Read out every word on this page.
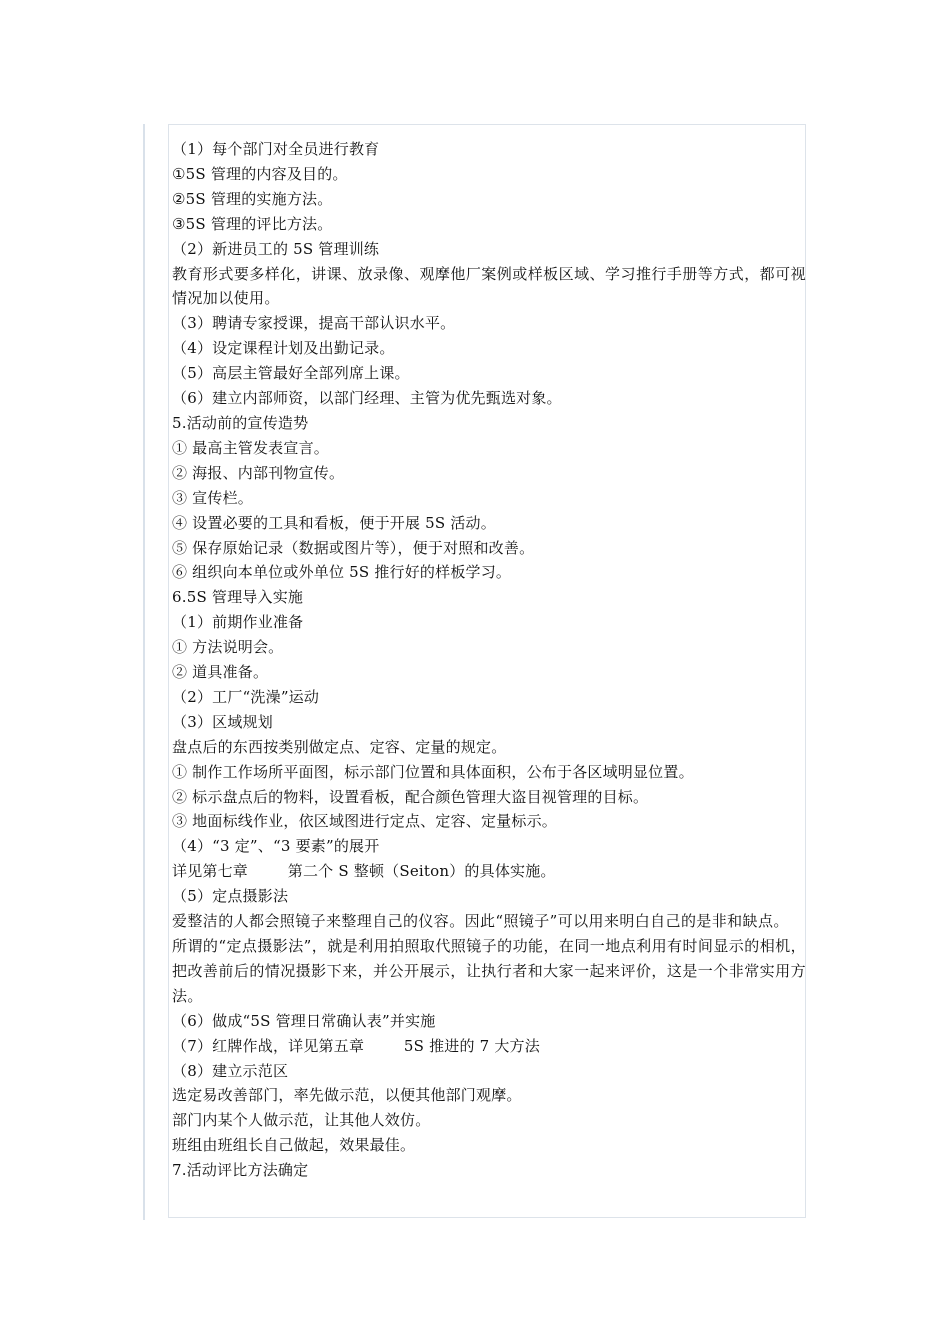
（1）每个部门对全员进行教育
①5S 管理的内容及目的。
②5S 管理的实施方法。
③5S 管理的评比方法。
（2）新进员工的 5S 管理训练
教育形式要多样化，讲课、放录像、观摩他厂案例或样板区域、学习推行手册等方式，都可视情况加以使用。
（3）聘请专家授课，提高干部认识水平。
（4）设定课程计划及出勤记录。
（5）高层主管最好全部列席上课。
（6）建立内部师资，以部门经理、主管为优先甄选对象。
5.活动前的宣传造势
① 最高主管发表宣言。
② 海报、内部刊物宣传。
③ 宣传栏。
④ 设置必要的工具和看板，便于开展 5S 活动。
⑤ 保存原始记录（数据或图片等），便于对照和改善。
⑥ 组织向本单位或外单位 5S 推行好的样板学习。
6.5S 管理导入实施
（1）前期作业准备
① 方法说明会。
② 道具准备。
（2）工厂“洗澡”运动
（3）区域规划
盘点后的东西按类别做定点、定容、定量的规定。
① 制作工作场所平面图，标示部门位置和具体面积，公布于各区域明显位置。
② 标示盘点后的物料，设置看板，配合颜色管理大盗目视管理的目标。
③ 地面标线作业，依区域图进行定点、定容、定量标示。
（4）“3 定”、“3 要素”的展开
详见第七章        第二个 S 整顿（Seiton）的具体实施。
（5）定点摄影法
爱整洁的人都会照镜子来整理自己的仪容。因此“照镜子”可以用来明白自己的是非和缺点。
所谓的“定点摄影法”，就是利用拍照取代照镜子的功能，在同一地点利用有时间显示的相机，把改善前后的情况摄影下来，并公开展示，让执行者和大家一起来评价，这是一个非常实用方法。
（6）做成“5S 管理日常确认表”并实施
（7）红牌作战，详见第五章        5S 推进的 7 大方法
（8）建立示范区
选定易改善部门，率先做示范，以便其他部门观摩。
部门内某个人做示范，让其他人效仿。
班组由班组长自己做起，效果最佳。
7.活动评比方法确定
